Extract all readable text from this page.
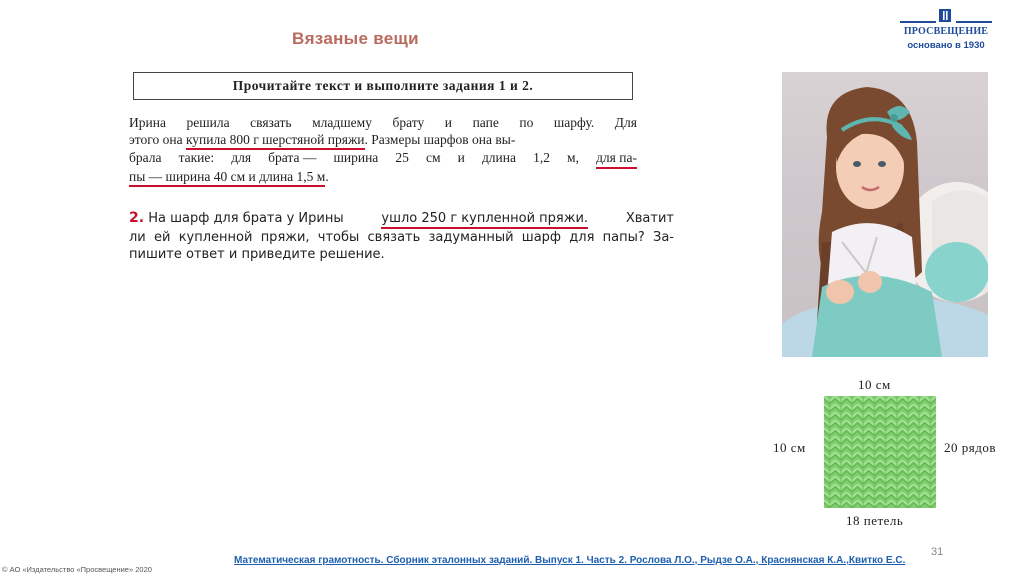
Вязаные вещи	ПРОСВЕЩЕНИЕ
основано в 1930
Прочитайте текст и выполните задания 1 и 2.
Ирина решила связать младшему брату и папе по шарфу. Для
этого она купила 800 г шерстяной пряжи . Размеры шарфов она вы-
брала такие: для брата — ширина 25 см и длина 1,2 м, для па-
пы — ширина 40 см и длина 1,5 м .
2. На шарф для брата у Ирины	ушло 250 г купленной пряжи.	Хватит
ли ей купленной пряжи, чтобы связать задуманный шарф для папы? За-
пишите ответ и приведите решение.
10 см
10 см	20 рядов
18 петель
Математическая грамотность. Сборник эталонных заданий. Выпуск 1. Часть 2. Рослова Л.О., Рыдзе О.А., Краснянская К.А.,Квитко Е.С.
31
© АО «Издательство «Просвещение» 2020
